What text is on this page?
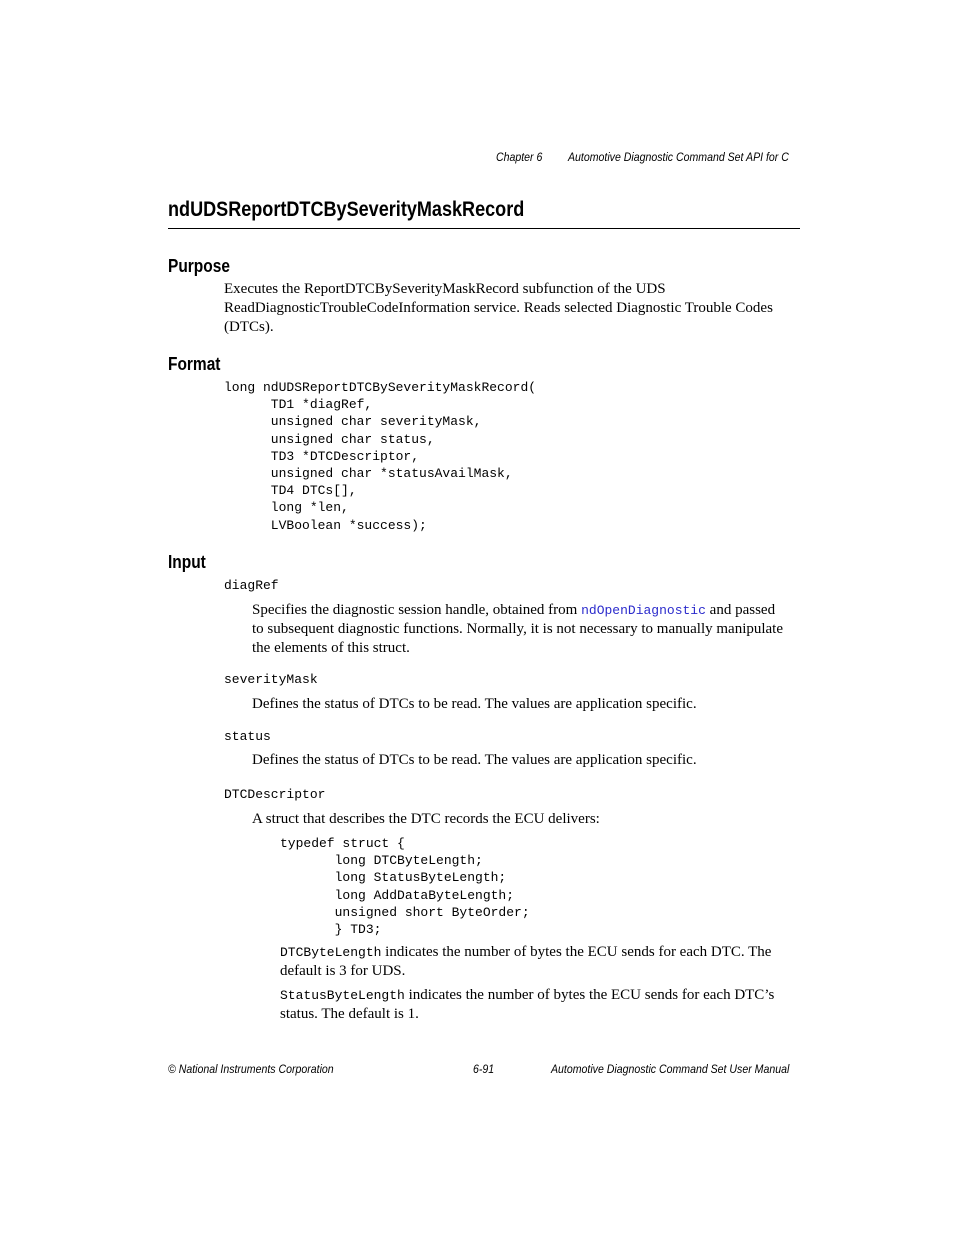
Chapter 6 Automotive Diagnostic Command Set API for C
ndUDSReportDTCBySeverityMaskRecord
Purpose
Executes the ReportDTCBySeverityMaskRecord subfunction of the UDS
ReadDiagnosticTroubleCodeInformation service. Reads selected Diagnostic Trouble Codes
(DTCs).
Format
long ndUDSReportDTCBySeverityMaskRecord(
TD1 *diagRef,
unsigned char severityMask,
unsigned char status,
TD3 *DTCDescriptor,
unsigned char *statusAvailMask,
TD4 DTCs[],
long *len,
LVBoolean *success);
Input
diagRef
Specifies the diagnostic session handle, obtained from ndOpenDiagnostic and passed
to subsequent diagnostic functions. Normally, it is not necessary to manually manipulate
the elements of this struct.
severityMask
Defines the status of DTCs to be read. The values are application specific.
status
Defines the status of DTCs to be read. The values are application specific.
DTCDescriptor
A struct that describes the DTC records the ECU delivers:
typedef struct {
long DTCByteLength;
long StatusByteLength;
long AddDataByteLength;
unsigned short ByteOrder;
} TD3;
DTCByteLength indicates the number of bytes the ECU sends for each DTC. The
default is 3 for UDS.
StatusByteLength indicates the number of bytes the ECU sends for each DTC’s
status. The default is 1.
© National Instruments Corporation	6-91	Automotive Diagnostic Command Set User Manual
